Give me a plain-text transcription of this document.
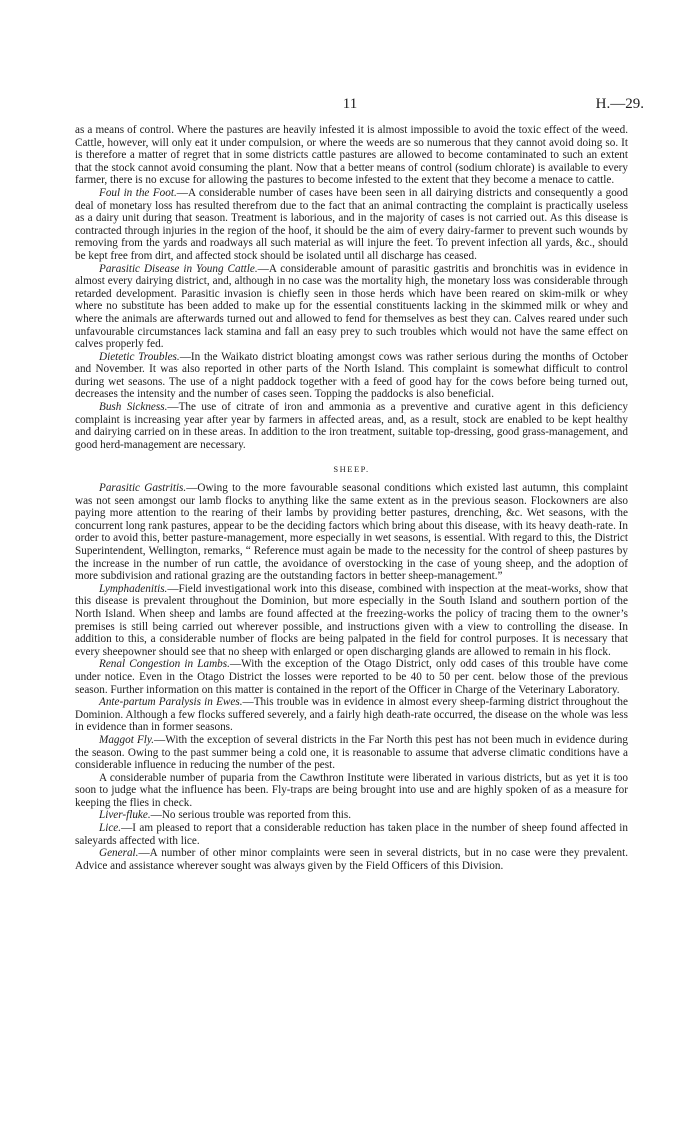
11	H.—29.

as a means of control. Where the pastures are heavily infested it is almost impossible to avoid the toxic effect of the weed. Cattle, however, will only eat it under compulsion, or where the weeds are so numerous that they cannot avoid doing so. It is therefore a matter of regret that in some districts cattle pastures are allowed to become contaminated to such an extent that the stock cannot avoid consuming the plant. Now that a better means of control (sodium chlorate) is available to every farmer, there is no excuse for allowing the pastures to become infested to the extent that they become a menace to cattle.

Foul in the Foot.—A considerable number of cases have been seen in all dairying districts and consequently a good deal of monetary loss has resulted therefrom due to the fact that an animal contracting the complaint is practically useless as a dairy unit during that season. Treatment is laborious, and in the majority of cases is not carried out. As this disease is contracted through injuries in the region of the hoof, it should be the aim of every dairy-farmer to prevent such wounds by removing from the yards and roadways all such material as will injure the feet. To prevent infection all yards, &c., should be kept free from dirt, and affected stock should be isolated until all discharge has ceased.

Parasitic Disease in Young Cattle.—A considerable amount of parasitic gastritis and bronchitis was in evidence in almost every dairying district, and, although in no case was the mortality high, the monetary loss was considerable through retarded development. Parasitic invasion is chiefly seen in those herds which have been reared on skim-milk or whey where no substitute has been added to make up for the essential constituents lacking in the skimmed milk or whey and where the animals are afterwards turned out and allowed to fend for themselves as best they can. Calves reared under such unfavourable circumstances lack stamina and fall an easy prey to such troubles which would not have the same effect on calves properly fed.

Dietetic Troubles.—In the Waikato district bloating amongst cows was rather serious during the months of October and November. It was also reported in other parts of the North Island. This complaint is somewhat difficult to control during wet seasons. The use of a night paddock together with a feed of good hay for the cows before being turned out, decreases the intensity and the number of cases seen. Topping the paddocks is also beneficial.

Bush Sickness.—The use of citrate of iron and ammonia as a preventive and curative agent in this deficiency complaint is increasing year after year by farmers in affected areas, and, as a result, stock are enabled to be kept healthy and dairying carried on in these areas. In addition to the iron treatment, suitable top-dressing, good grass-management, and good herd-management are necessary.

SHEEP.

Parasitic Gastritis.—Owing to the more favourable seasonal conditions which existed last autumn, this complaint was not seen amongst our lamb flocks to anything like the same extent as in the previous season. Flockowners are also paying more attention to the rearing of their lambs by providing better pastures, drenching, &c. Wet seasons, with the concurrent long rank pastures, appear to be the deciding factors which bring about this disease, with its heavy death-rate. In order to avoid this, better pasture-management, more especially in wet seasons, is essential. With regard to this, the District Superintendent, Wellington, remarks, “ Reference must again be made to the necessity for the control of sheep pastures by the increase in the number of run cattle, the avoidance of overstocking in the case of young sheep, and the adoption of more subdivision and rational grazing are the outstanding factors in better sheep-management.”

Lymphadenitis.—Field investigational work into this disease, combined with inspection at the meat-works, show that this disease is prevalent throughout the Dominion, but more especially in the South Island and southern portion of the North Island. When sheep and lambs are found affected at the freezing-works the policy of tracing them to the owner’s premises is still being carried out wherever possible, and instructions given with a view to controlling the disease. In addition to this, a considerable number of flocks are being palpated in the field for control purposes. It is necessary that every sheepowner should see that no sheep with enlarged or open discharging glands are allowed to remain in his flock.

Renal Congestion in Lambs.—With the exception of the Otago District, only odd cases of this trouble have come under notice. Even in the Otago District the losses were reported to be 40 to 50 per cent. below those of the previous season. Further information on this matter is contained in the report of the Officer in Charge of the Veterinary Laboratory.

Ante-partum Paralysis in Ewes.—This trouble was in evidence in almost every sheep-farming district throughout the Dominion. Although a few flocks suffered severely, and a fairly high death-rate occurred, the disease on the whole was less in evidence than in former seasons.

Maggot Fly.—With the exception of several districts in the Far North this pest has not been much in evidence during the season. Owing to the past summer being a cold one, it is reasonable to assume that adverse climatic conditions have a considerable influence in reducing the number of the pest.

A considerable number of puparia from the Cawthron Institute were liberated in various districts, but as yet it is too soon to judge what the influence has been. Fly-traps are being brought into use and are highly spoken of as a measure for keeping the flies in check.

Liver-fluke.—No serious trouble was reported from this.

Lice.—I am pleased to report that a considerable reduction has taken place in the number of sheep found affected in saleyards affected with lice.

General.—A number of other minor complaints were seen in several districts, but in no case were they prevalent. Advice and assistance wherever sought was always given by the Field Officers of this Division.
